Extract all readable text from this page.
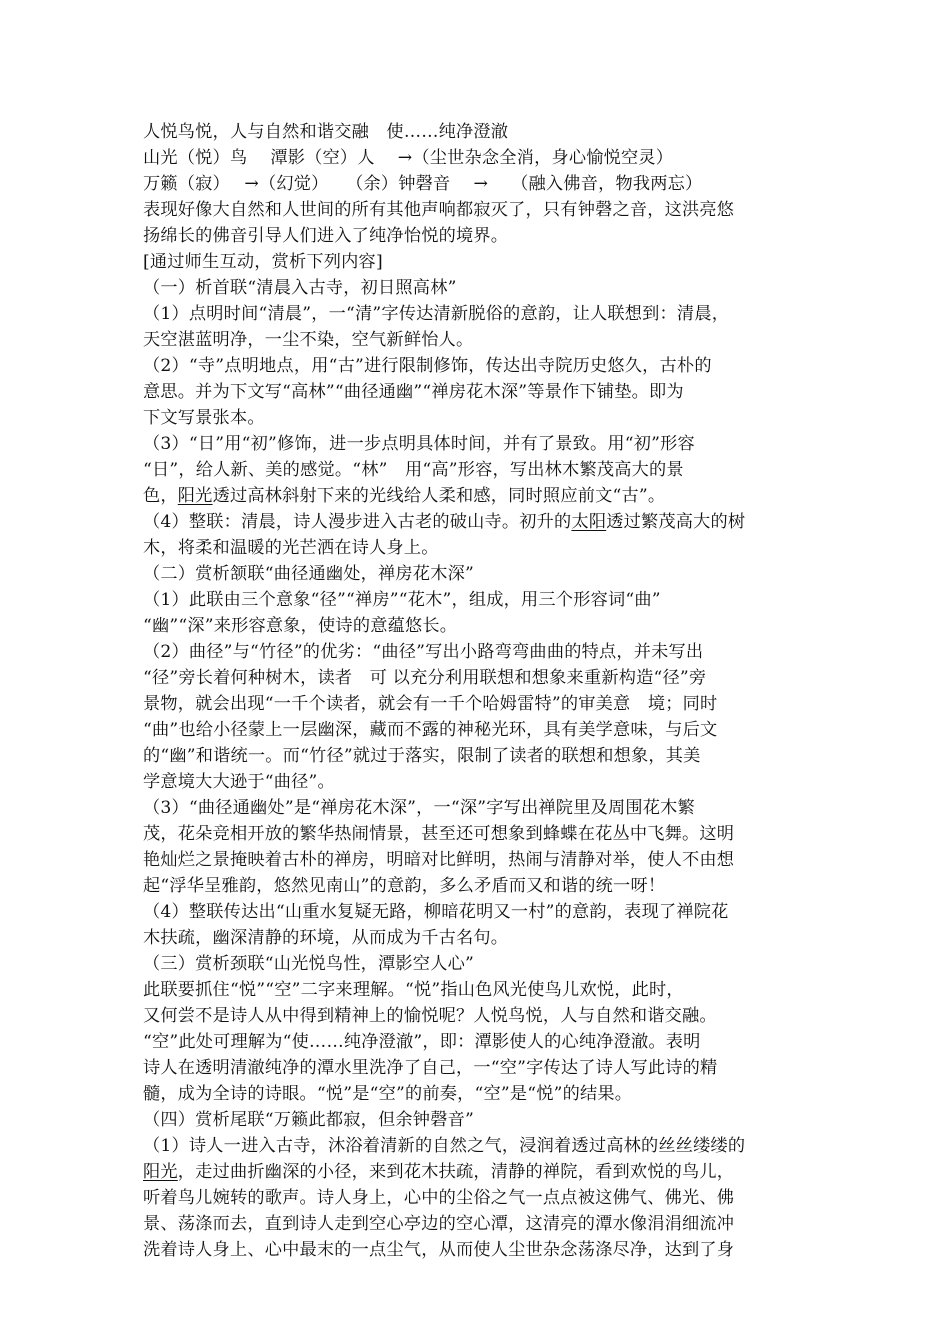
人悦鸟悦，人与自然和谐交融　使……纯净澄澈

山光（悦）鸟　 潭影（空）人　 →（尘世杂念全消，身心愉悦空灵）

万籁（寂）　 →（幻觉）　　（余）钟磬音　 →　 （融入佛音，物我两忘）

表现好像大自然和人世间的所有其他声响都寂灭了，只有钟磬之音，这洪亮悠

扬绵长的佛音引导人们进入了纯净怡悦的境界。

[通过师生互动，赏析下列内容]

（一）析首联“清晨入古寺，初日照高林”

（1）点明时间“清晨”，一“清”字传达清新脱俗的意韵，让人联想到：清晨，

天空湛蓝明净，一尘不染，空气新鲜怡人。

（2）“寺”点明地点，用“古”进行限制修饰，传达出寺院历史悠久，古朴的

意思。并为下文写“高林”“曲径通幽”“禅房花木深”等景作下铺垫。即为

下文写景张本。

（3）“日”用“初”修饰，进一步点明具体时间，并有了景致。用“初”形容

“日”，给人新、美的感觉。“林”　用“高”形容，写出林木繁茂高大的景

色，阳光透过高林斜射下来的光线给人柔和感，同时照应前文“古”。

（4）整联：清晨，诗人漫步进入古老的破山寺。初升的太阳透过繁茂高大的树

木，将柔和温暖的光芒洒在诗人身上。

（二）赏析颔联“曲径通幽处，禅房花木深”

（1）此联由三个意象“径”“禅房”“花木”，组成，用三个形容词“曲”

“幽”“深”来形容意象，使诗的意蕴悠长。

（2）曲径”与“竹径”的优劣：“曲径”写出小路弯弯曲曲的特点，并未写出

“径”旁长着何种树木，读者　可 以充分利用联想和想象来重新构造“径”旁

景物，就会出现“一千个读者，就会有一千个哈姆雷特”的审美意　境；同时

“曲”也给小径蒙上一层幽深，藏而不露的神秘光环，具有美学意味，与后文

的“幽”和谐统一。而“竹径”就过于落实，限制了读者的联想和想象，其美

学意境大大逊于“曲径”。

（3）“曲径通幽处”是“禅房花木深”，一“深”字写出禅院里及周围花木繁

茂，花朵竞相开放的繁华热闹情景，甚至还可想象到蜂蝶在花丛中飞舞。这明

艳灿烂之景掩映着古朴的禅房，明暗对比鲜明，热闹与清静对举，使人不由想

起“浮华呈雅韵，悠然见南山”的意韵，多么矛盾而又和谐的统一呀！

（4）整联传达出“山重水复疑无路，柳暗花明又一村”的意韵，表现了禅院花

木扶疏，幽深清静的环境，从而成为千古名句。

（三）赏析颈联“山光悦鸟性，潭影空人心”

此联要抓住“悦”“空”二字来理解。“悦”指山色风光使鸟儿欢悦，此时，

又何尝不是诗人从中得到精神上的愉悦呢？人悦鸟悦，人与自然和谐交融。

“空”此处可理解为“使……纯净澄澈”，即：潭影使人的心纯净澄澈。表明

诗人在透明清澈纯净的潭水里洗净了自己，一“空”字传达了诗人写此诗的精

髓，成为全诗的诗眼。“悦”是“空”的前奏，“空”是“悦”的结果。

（四）赏析尾联“万籁此都寂，但余钟磬音”

（1）诗人一进入古寺，沐浴着清新的自然之气，浸润着透过高林的丝丝缕缕的

阳光，走过曲折幽深的小径，来到花木扶疏，清静的禅院，看到欢悦的鸟儿，

听着鸟儿婉转的歌声。诗人身上，心中的尘俗之气一点点被这佛气、佛光、佛

景、荡涤而去，直到诗人走到空心亭边的空心潭，这清亮的潭水像涓涓细流冲

洗着诗人身上、心中最末的一点尘气，从而使人尘世杂念荡涤尽净，达到了身
